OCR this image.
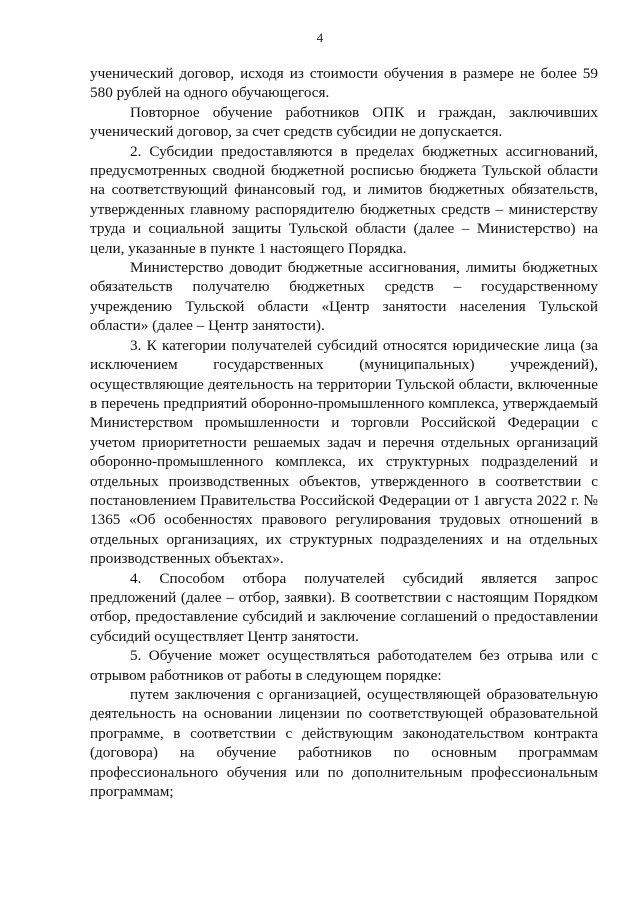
4

ученический договор, исходя из стоимости обучения в размере не более 59 580 рублей на одного обучающегося.

Повторное обучение работников ОПК и граждан, заключивших ученический договор, за счет средств субсидии не допускается.

2. Субсидии предоставляются в пределах бюджетных ассигнований, предусмотренных сводной бюджетной росписью бюджета Тульской области на соответствующий финансовый год, и лимитов бюджетных обязательств, утвержденных главному распорядителю бюджетных средств – министерству труда и социальной защиты Тульской области (далее – Министерство) на цели, указанные в пункте 1 настоящего Порядка.

Министерство доводит бюджетные ассигнования, лимиты бюджетных обязательств получателю бюджетных средств – государственному учреждению Тульской области «Центр занятости населения Тульской области» (далее – Центр занятости).

3. К категории получателей субсидий относятся юридические лица (за исключением государственных (муниципальных) учреждений), осуществляющие деятельность на территории Тульской области, включенные в перечень предприятий оборонно-промышленного комплекса, утверждаемый Министерством промышленности и торговли Российской Федерации с учетом приоритетности решаемых задач и перечня отдельных организаций оборонно-промышленного комплекса, их структурных подразделений и отдельных производственных объектов, утвержденного в соответствии с постановлением Правительства Российской Федерации от 1 августа 2022 г. № 1365 «Об особенностях правового регулирования трудовых отношений в отдельных организациях, их структурных подразделениях и на отдельных производственных объектах».

4. Способом отбора получателей субсидий является запрос предложений (далее – отбор, заявки). В соответствии с настоящим Порядком отбор, предоставление субсидий и заключение соглашений о предоставлении субсидий осуществляет Центр занятости.

5. Обучение может осуществляться работодателем без отрыва или с отрывом работников от работы в следующем порядке:

путем заключения с организацией, осуществляющей образовательную деятельность на основании лицензии по соответствующей образовательной программе, в соответствии с действующим законодательством контракта (договора) на обучение работников по основным программам профессионального обучения или по дополнительным профессиональным программам;
